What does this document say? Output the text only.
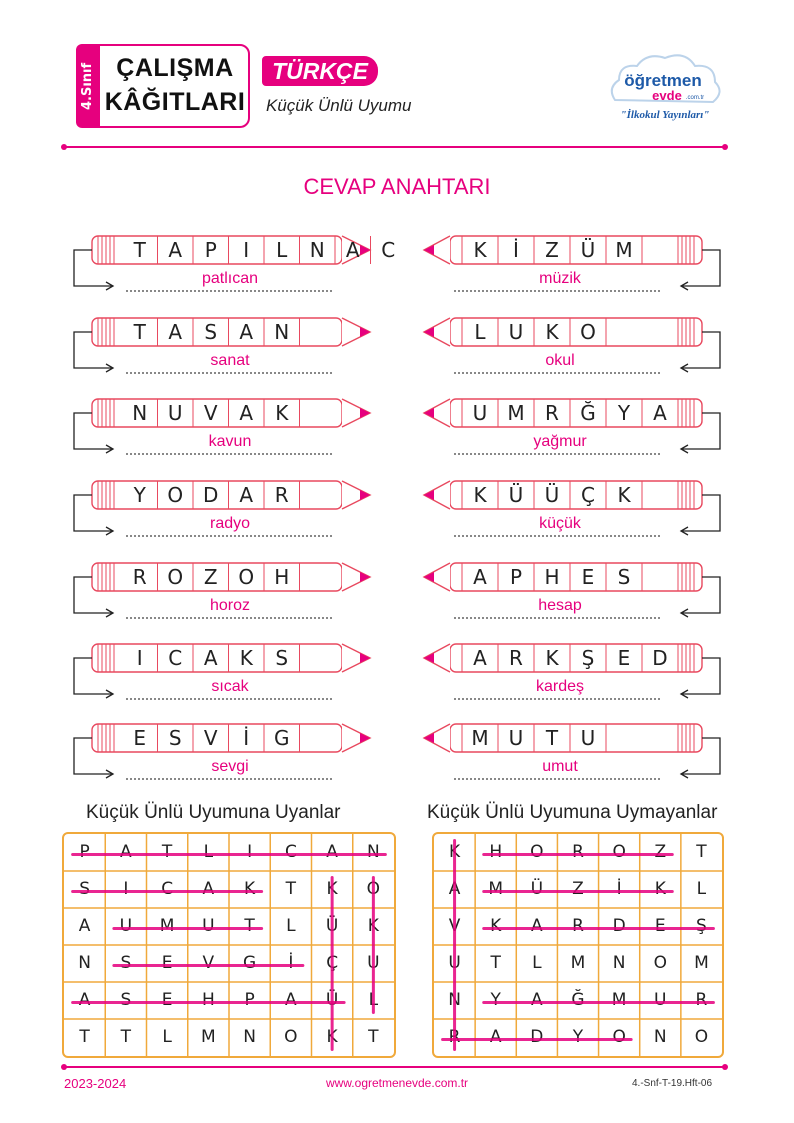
4.Sınıf ÇALIŞMA
KÂĞITLARI
TÜRKÇE
Küçük Ünlü Uyumu
öğretmen
evde .com.tr
"İlkokul Yayınları"
CEVAP ANAHTARI
T	A	P	I	L	N	A	C
patlıcan
T	A	S	A	N
sanat
N	U	V	A	K
kavun
Y	O D	A	R
radyo
R	O	Z	O	H
horoz
I	C	A	K	S
sıcak
E	S	V	İ	G
sevgi
K	İ	Z	Ü	M
müzik
L	U	K	O
okul
U	M	R	Ğ	Y	A
yağmur
K	Ü	Ü	Ç	K
küçük
A	P	H	E	S
hesap
A	R	K	Ş	E	D
kardeş
M	U	T	U
umut
Küçük Ünlü Uyumuna Uyanlar	Küçük Ünlü Uyumuna Uymayanlar
P	A	T	L	I	C	A	N
S	I	C	A	K	T	K	O
A	U	M	U	T	L	Ü	K
N	S	E	V	G	İ	Ç	U
A	S	E	H	P	A	Ü	L
T	T	L	M	N	O	K	T
K	H	O	R	O	Z	T
A	M	Ü	Z	İ	K	L
V	K	A	R	D	E	Ş
U	T	L	M	N	O	M
N	Y	A	Ğ	M	U	R
R	A	D	Y	O	N	O
2023-2024	www.ogretmenevde.com.tr	4.-Snf-T-19.Hft-06
